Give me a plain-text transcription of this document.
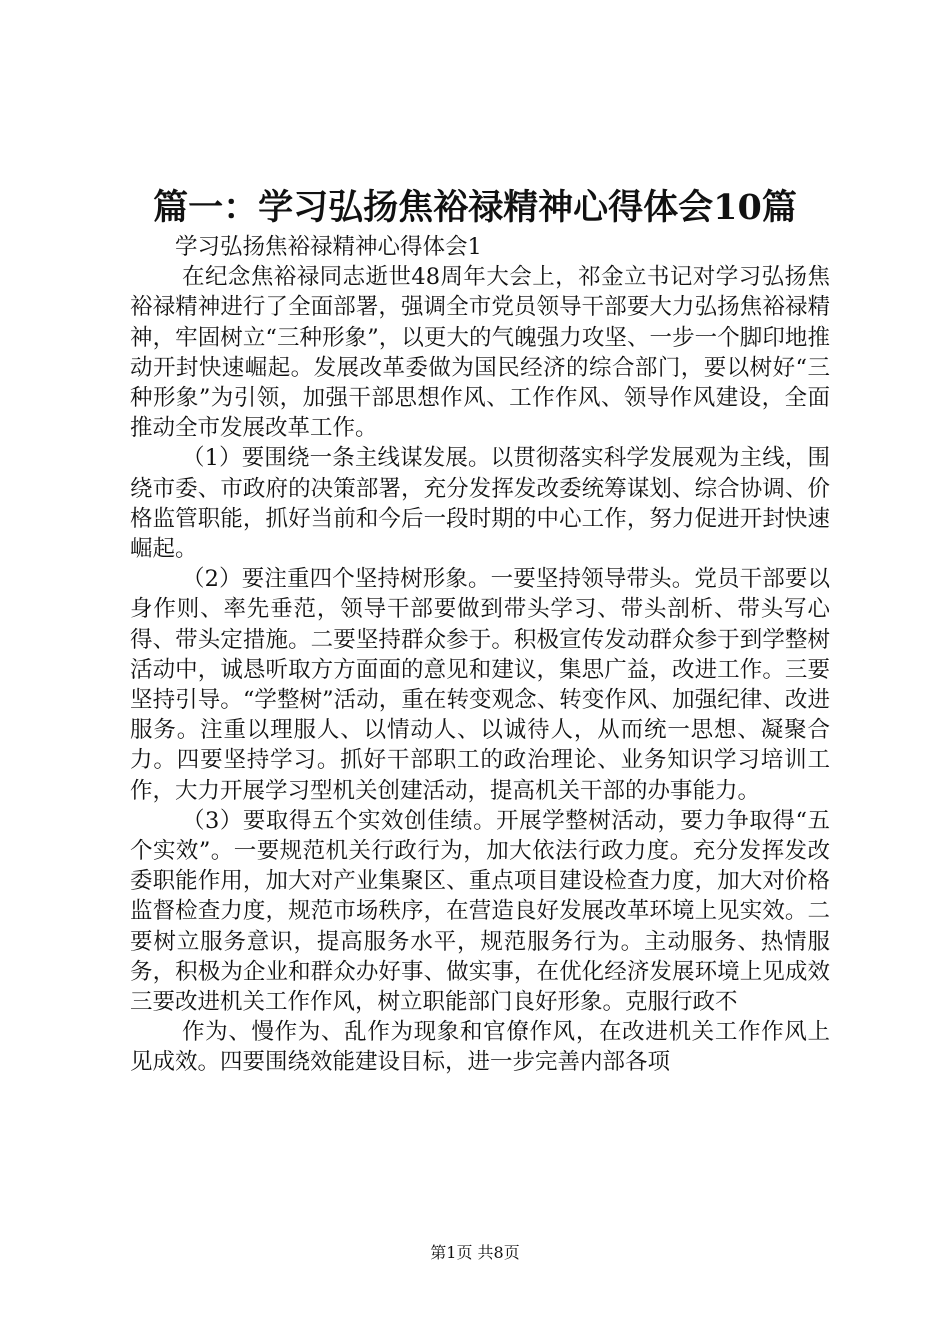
篇一：学习弘扬焦裕禄精神心得体会10篇

学习弘扬焦裕禄精神心得体会1

在纪念焦裕禄同志逝世48周年大会上，祁金立书记对学习弘扬焦裕禄精神进行了全面部署，强调全市党员领导干部要大力弘扬焦裕禄精神，牢固树立“三种形象”，以更大的气魄强力攻坚、一步一个脚印地推动开封快速崛起。发展改革委做为国民经济的综合部门，要以树好“三种形象”为引领，加强干部思想作风、工作作风、领导作风建设，全面推动全市发展改革工作。

（1）要围绕一条主线谋发展。以贯彻落实科学发展观为主线，围绕市委、市政府的决策部署，充分发挥发改委统筹谋划、综合协调、价格监管职能，抓好当前和今后一段时期的中心工作，努力促进开封快速崛起。

（2）要注重四个坚持树形象。一要坚持领导带头。党员干部要以身作则、率先垂范，领导干部要做到带头学习、带头剖析、带头写心得、带头定措施。二要坚持群众参于。积极宣传发动群众参于到学整树活动中，诚恳听取方方面面的意见和建议，集思广益，改进工作。三要坚持引导。“学整树”活动，重在转变观念、转变作风、加强纪律、改进服务。注重以理服人、以情动人、以诚待人，从而统一思想、凝聚合力。四要坚持学习。抓好干部职工的政治理论、业务知识学习培训工作，大力开展学习型机关创建活动，提高机关干部的办事能力。

（3）要取得五个实效创佳绩。开展学整树活动，要力争取得“五个实效”。一要规范机关行政行为，加大依法行政力度。充分发挥发改委职能作用，加大对产业集聚区、重点项目建设检查力度，加大对价格监督检查力度，规范市场秩序，在营造良好发展改革环境上见实效。二要树立服务意识，提高服务水平，规范服务行为。主动服务、热情服务，积极为企业和群众办好事、做实事，在优化经济发展环境上见成效三要改进机关工作作风，树立职能部门良好形象。克服行政不

作为、慢作为、乱作为现象和官僚作风，在改进机关工作作风上见成效。四要围绕效能建设目标，进一步完善内部各项

第1页 共8页
